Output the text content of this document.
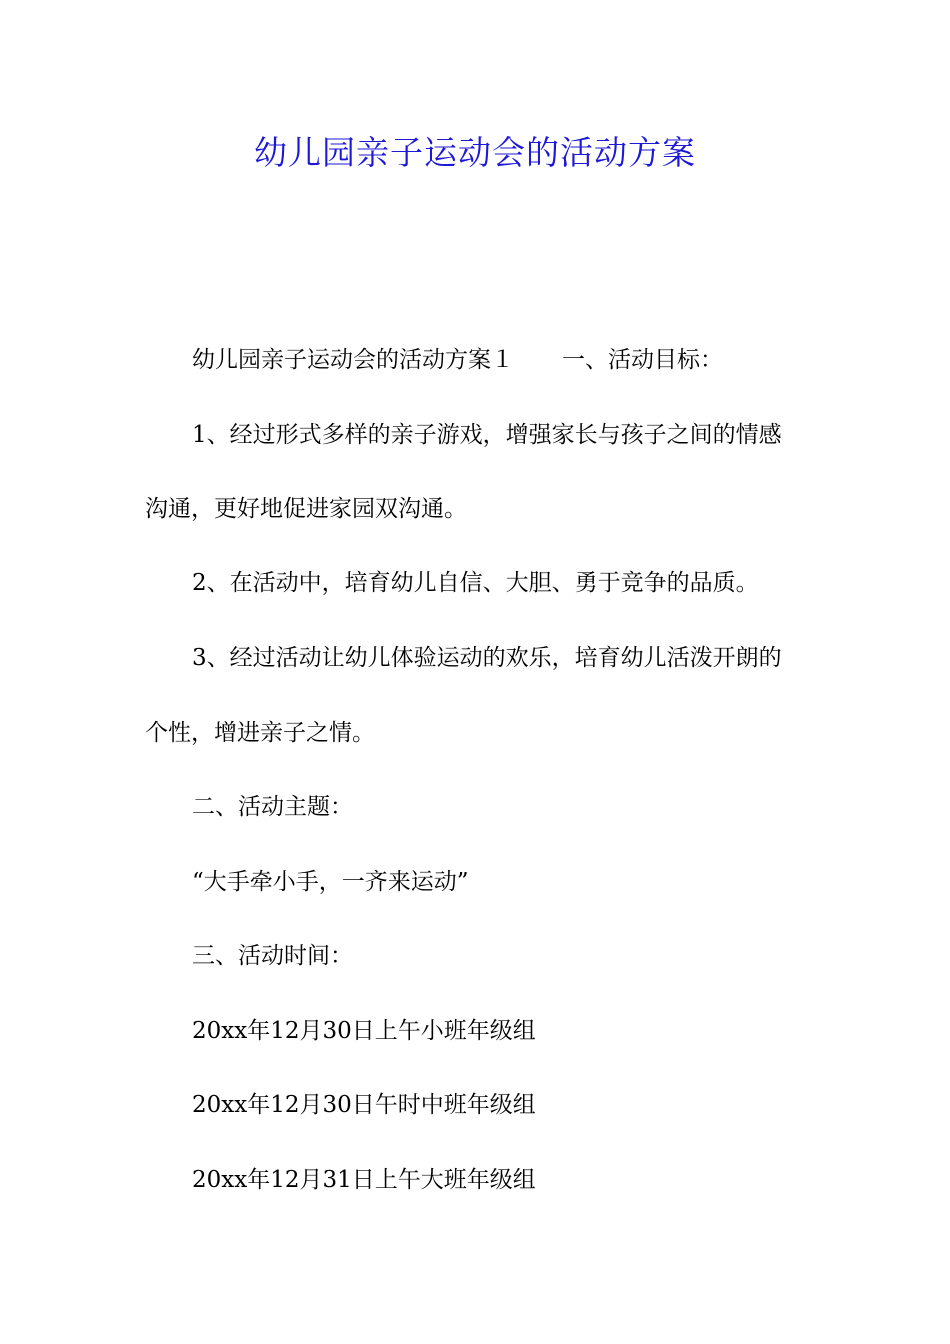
幼儿园亲子运动会的活动方案

幼儿园亲子运动会的活动方案１ 一、活动目标：

1、经过形式多样的亲子游戏，增强家长与孩子之间的情感

沟通，更好地促进家园双沟通。

2、在活动中，培育幼儿自信、大胆、勇于竞争的品质。

3、经过活动让幼儿体验运动的欢乐，培育幼儿活泼开朗的

个性，增进亲子之情。

二、活动主题：

“大手牵小手，一齐来运动”

三、活动时间：

20xx年12月30日上午小班年级组

20xx年12月30日午时中班年级组

20xx年12月31日上午大班年级组
